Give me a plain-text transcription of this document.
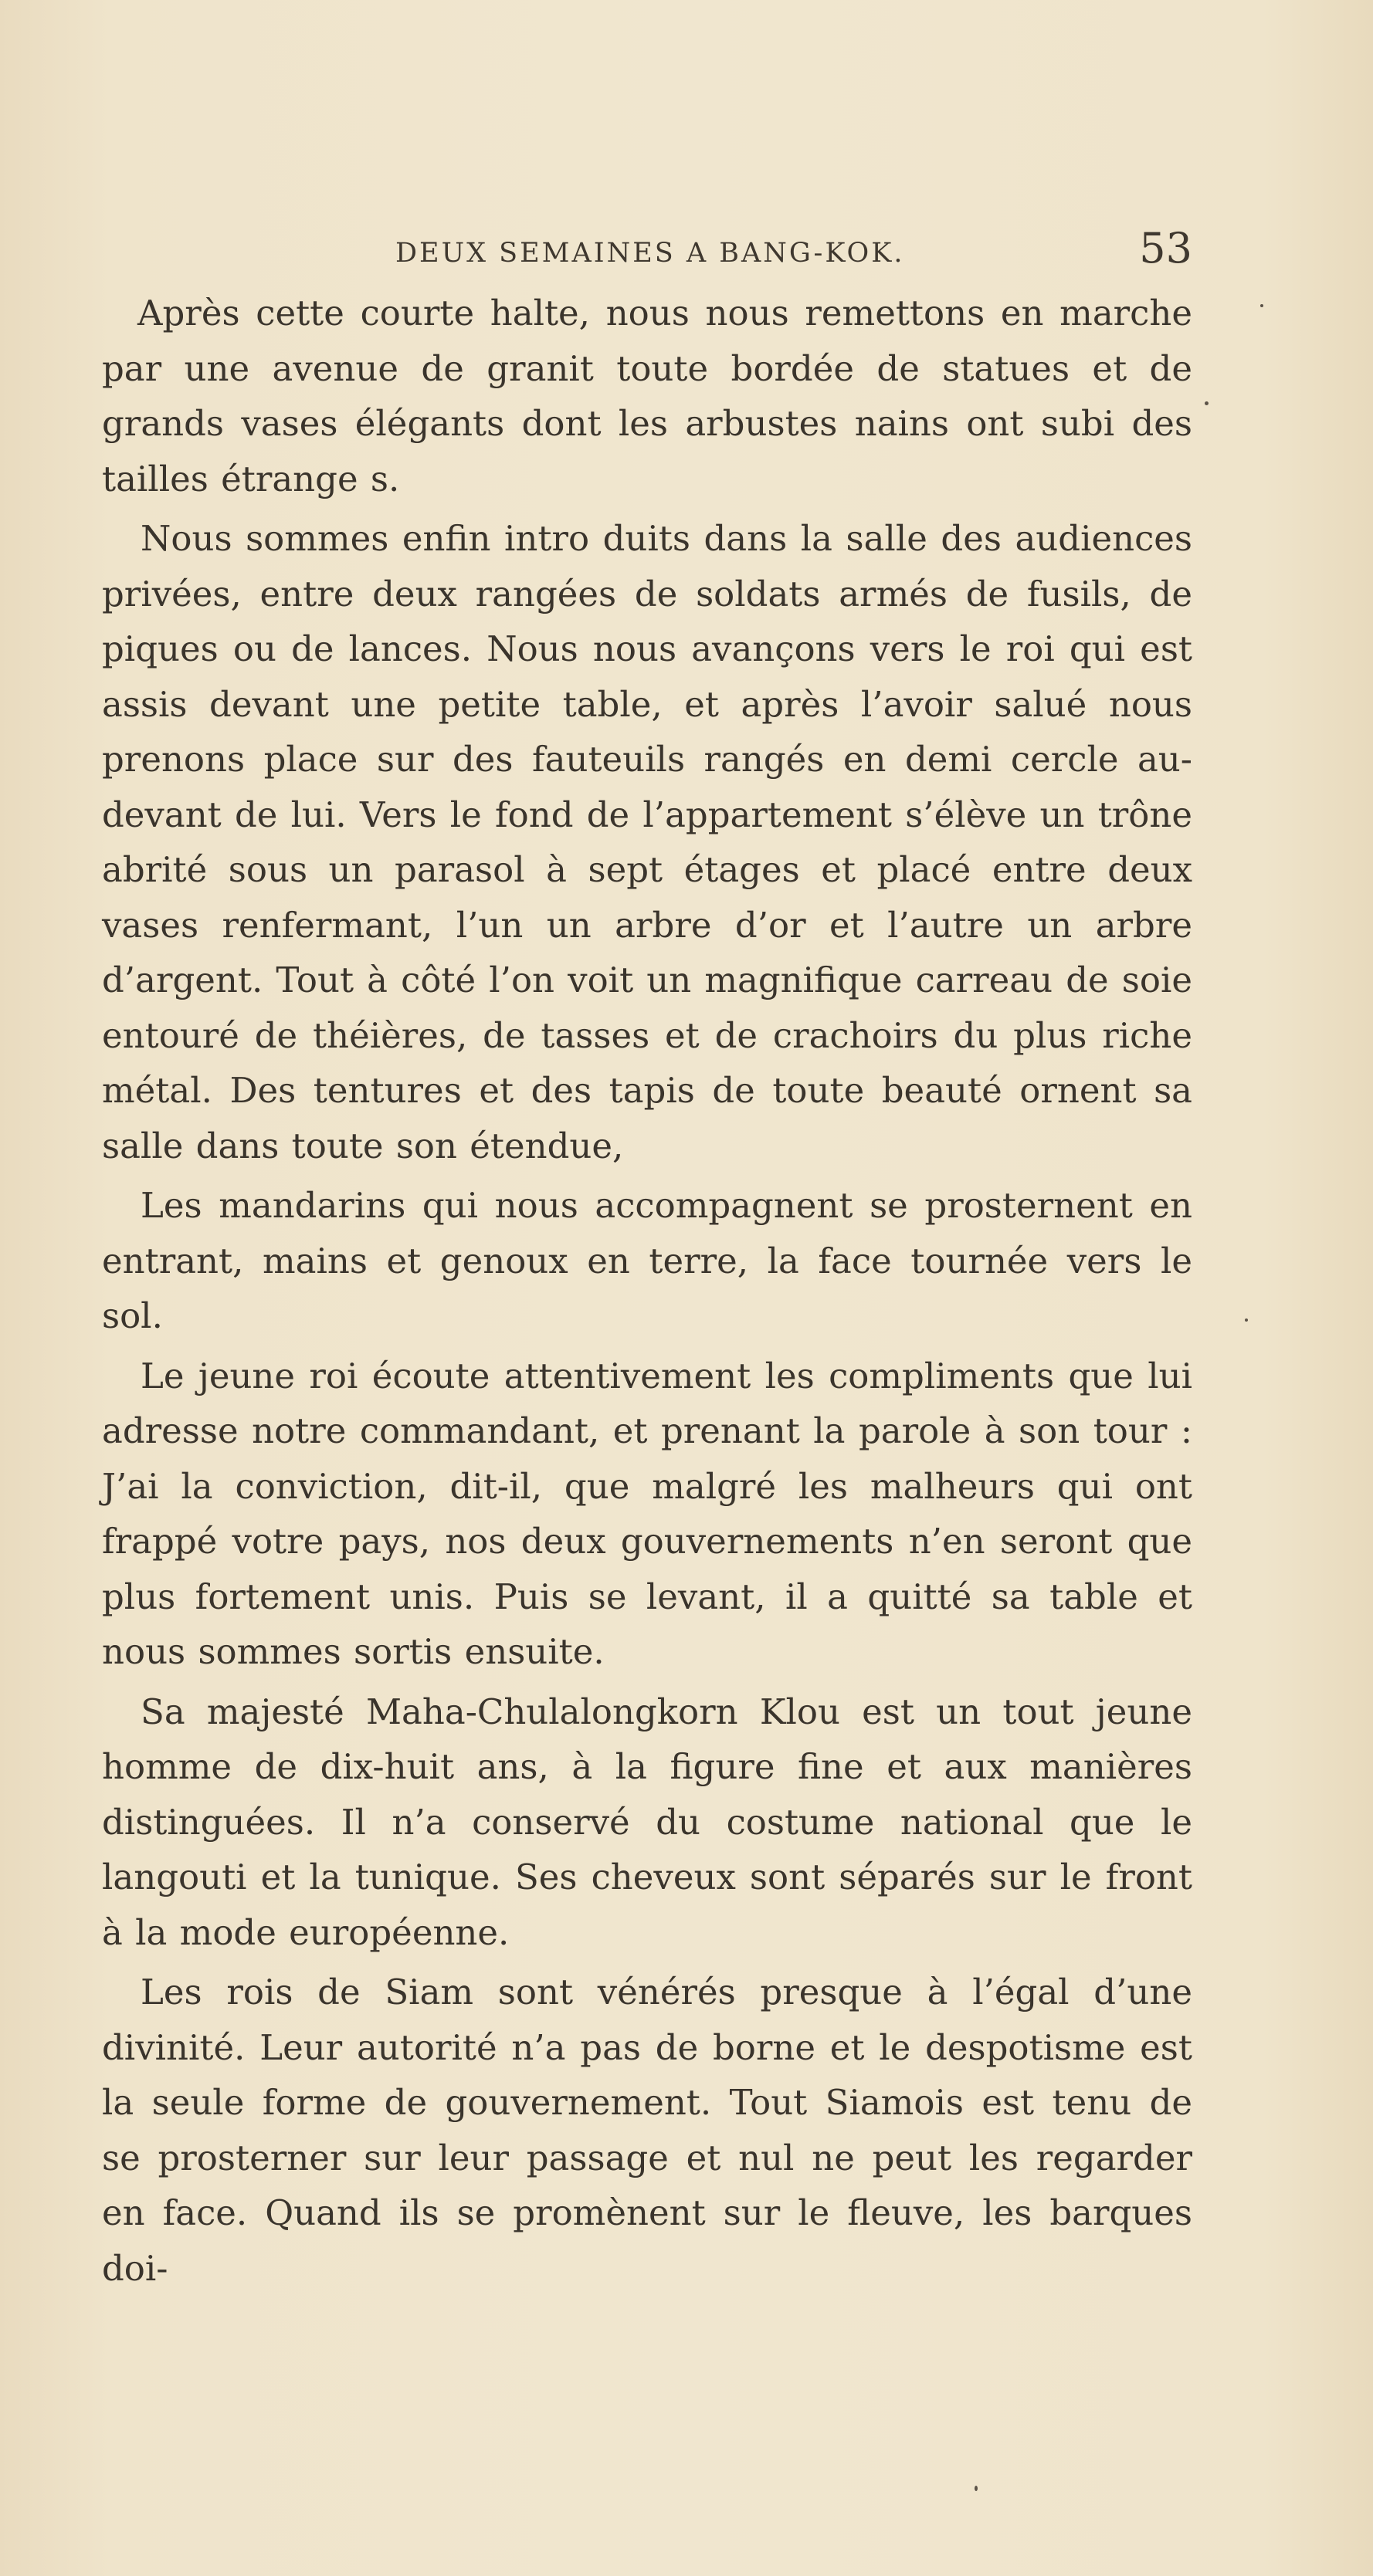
DEUX SEMAINES A BANG-KOK.	53

Après cette courte halte, nous nous remettons en marche par une avenue de granit toute bordée de statues et de grands vases élégants dont les arbustes nains ont subi des tailles étrange s.

Nous sommes enfin intro duits dans la salle des audiences privées, entre deux rangées de soldats armés de fusils, de piques ou de lances. Nous nous avançons vers le roi qui est assis devant une petite table, et après l’avoir salué nous prenons place sur des fauteuils rangés en demi cercle au-devant de lui. Vers le fond de l’appartement s’élève un trône abrité sous un parasol à sept étages et placé entre deux vases renfermant, l’un un arbre d’or et l’autre un arbre d’argent. Tout à côté l’on voit un magnifique carreau de soie entouré de théières, de tasses et de crachoirs du plus riche métal. Des tentures et des tapis de toute beauté ornent sa salle dans toute son étendue,

Les mandarins qui nous accompagnent se prosternent en entrant, mains et genoux en terre, la face tournée vers le sol.

Le jeune roi écoute attentivement les compliments que lui adresse notre commandant, et prenant la parole à son tour : J’ai la conviction, dit-il, que malgré les malheurs qui ont frappé votre pays, nos deux gouvernements n’en seront que plus fortement unis. Puis se levant, il a quitté sa table et nous sommes sortis ensuite.

Sa majesté Maha-Chulalongkorn Klou est un tout jeune homme de dix-huit ans, à la figure fine et aux manières distinguées. Il n’a conservé du costume national que le langouti et la tunique. Ses cheveux sont séparés sur le front à la mode européenne.

Les rois de Siam sont vénérés presque à l’égal d’une divinité. Leur autorité n’a pas de borne et le despotisme est la seule forme de gouvernement. Tout Siamois est tenu de se prosterner sur leur passage et nul ne peut les regarder en face. Quand ils se promènent sur le fleuve, les barques doi-
